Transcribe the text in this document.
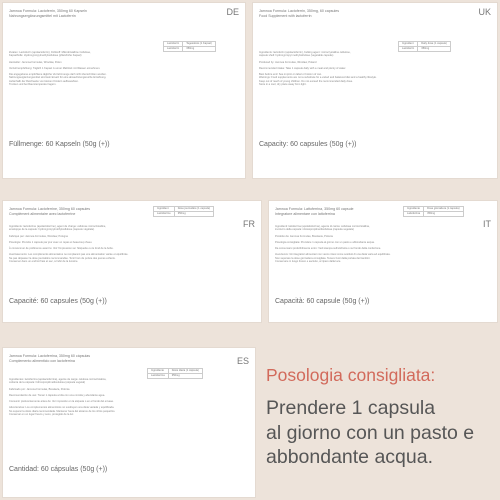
DE
Jamnoa Formula: Lactoferrin, 350mg 60 Kapseln
Nahrungsergänzungsmittel mit Lactoferrin
Lactoferrin	Tagesdosis (1 Kapsel)
Lactoferrin	350mg
Zutaten: Lactoferrin (apolactoferrin), Füllstoff: Mikrokristalline Cellulose,
Kapselhülle: Hydroxypropylmethylcellulose (pflanzliche Kapsel)
Hersteller: Jamnoa Formulas, Wrocław, Polen
Verzehrempfehlung: Täglich 1 Kapsel zu einer Mahlzeit mit Wasser einnehmen.
Die angegebene empfohlene tägliche Verzehrmenge darf nicht überschritten werden.
Nahrungsergänzungsmittel sind kein Ersatz für eine abwechslungsreiche Ernährung.
Außerhalb der Reichweite von kleinen Kindern aufbewahren.
Trocken und bei Raumtemperatur lagern.
Füllmenge: 60 Kapseln (50g (+))
UK
Jamnoa Formula: Lactoferrin, 350mg, 60 capsules
Food Supplement with lactoferrin
Ingredient	Daily dose (1 capsule)
Lactoferrin	350mg
Ingredients: lactoferrin (apolactoferrin), bulking agent: microcrystalline cellulose,
capsule shell: hydroxypropyl methylcellulose (vegetable capsule)
Produced by: Jamnoa Formulas, Wrocław, Poland
Recommended intake: Take 1 capsule daily with a meal and plenty of water.
Best before end: See imprint on label or bottom of can.
Warnings: Food supplements are not a substitute for a varied and balanced diet and a healthy lifestyle.
Keep out of reach of young children. Do not exceed the recommended daily dose.
Store in a cool, dry place away from light.
Capacity: 60 capsules (50g (+))
FR
Jamnoa Formula: Lactoferrine, 350mg 60 capsules
Complément alimentaire avec lactoferrine
Ingrédient	Dose journalière (1 capsule)
Lactoferrine	350mg
Ingrédients: lactoferrine (apolactoferrine), agent de charge: cellulose microcristalline,
enveloppe de la capsule: hydroxypropylméthylcellulose (capsule végétale)
Fabriqué par: Jamnoa Formulas, Wrocław, Pologne
Posologie: Prendre 1 capsule par jour avec un repas et beaucoup d'eau.
À consommer de préférence avant le: Voir l'impression sur l'étiquette ou le fond de la boîte.
Avertissements: Les compléments alimentaires ne remplacent pas une alimentation variée et équilibrée.
Ne pas dépasser la dose journalière recommandée. Tenir hors de portée des jeunes enfants.
Conserver dans un endroit frais et sec, à l'abri de la lumière.
Capacité: 60 capsules (50g (+))
IT
Jamnoa Formula: Lattoferrina, 350mg 60 capsule
Integratore alimentare con lattoferrina
Ingrediente	Dose giornaliera (1 capsula)
Lattoferrina	350mg
Ingredienti: lattoferrina (apolattoferrina), agente di carica: cellulosa microcristallina,
involucro della capsula: idrossipropilmetilcellulosa (capsula vegetale)
Prodotto da: Jamnoa Formulas, Breslavia, Polonia
Posologia consigliata: Prendere 1 capsula al giorno con un pasto e abbondante acqua.
Da consumarsi preferibilmente entro: Vedi stampa sull'etichetta o sul fondo della confezione.
Avvertenze: Gli integratori alimentari non vanno intesi come sostituti di una dieta varia ed equilibrata.
Non superare la dose giornaliera consigliata. Tenere fuori dalla portata dei bambini.
Conservare in luogo fresco e asciutto, al riparo dalla luce.
Capacità: 60 capsule (50g (+))
ES
Jamnoa Formula: Lactoferrina, 350mg 60 cápsulas
Complemento alimenticio con lactoferrina
Ingrediente	Dosis diaria (1 cápsula)
Lactoferrina	350mg
Ingredientes: lactoferrina (apolactoferrina), agente de carga: celulosa microcristalina,
cubierta de la cápsula: hidroxipropilmetilcelulosa (cápsula vegetal)
Fabricado por: Jamnoa Formulas, Breslavia, Polonia
Recomendación de uso: Tomar 1 cápsula al día con una comida y abundante agua.
Consumir preferentemente antes de: Ver impresión en la etiqueta o en el fondo del envase.
Advertencias: Los complementos alimenticios no sustituyen una dieta variada y equilibrada.
No superar la dosis diaria recomendada. Mantener fuera del alcance de los niños pequeños.
Conservar en un lugar fresco y seco, protegido de la luz.
Cantidad: 60 cápsulas (50g (+))
Posologia consigliata:
Prendere 1 capsula
al giorno con un pasto e
abbondante acqua.
